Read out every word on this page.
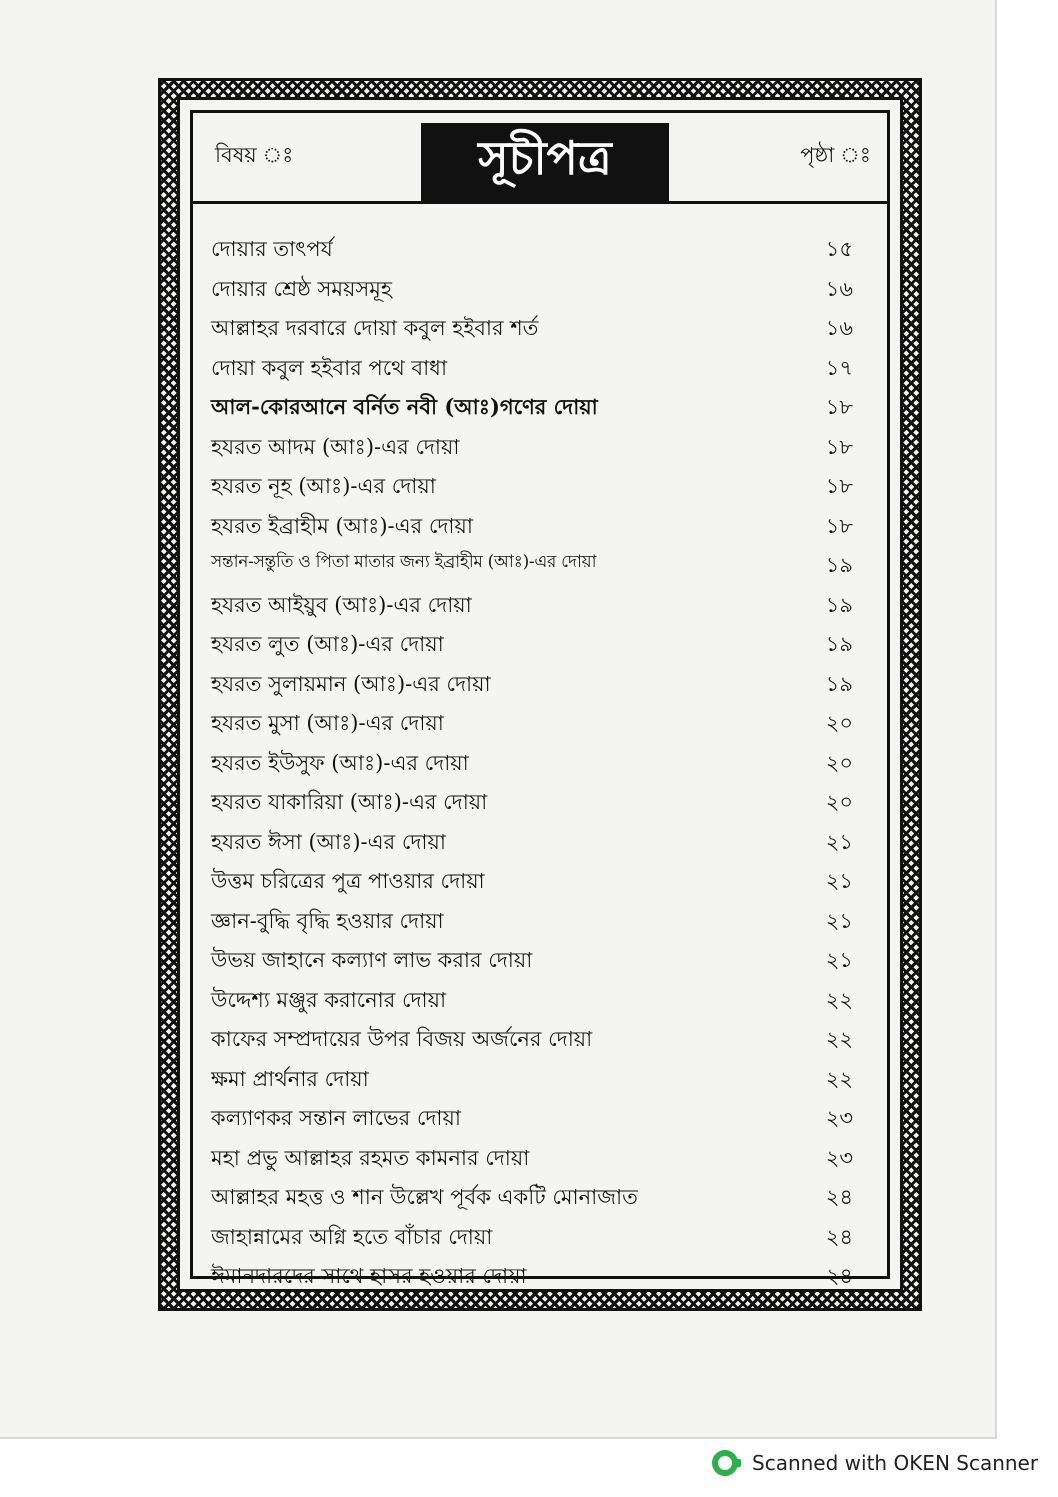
বিষয় ঃ	সূচীপত্র	পৃষ্ঠা ঃ
দোয়ার তাৎপর্য	১৫
দোয়ার শ্রেষ্ঠ সময়সমূহ	১৬
আল্লাহর দরবারে দোয়া কবুল হইবার শর্ত	১৬
দোয়া কবুল হইবার পথে বাধা	১৭
আল-কোরআনে বর্নিত নবী (আঃ)গণের দোয়া	১৮
হযরত আদম (আঃ)-এর দোয়া	১৮
হযরত নূহ (আঃ)-এর দোয়া	১৮
হযরত ইব্রাহীম (আঃ)-এর দোয়া	১৮
সন্তান-সন্তুতি ও পিতা মাতার জন্য ইব্রাহীম (আঃ)-এর দোয়া	১৯
হযরত আইয়ুব (আঃ)-এর দোয়া	১৯
হযরত লুত (আঃ)-এর দোয়া	১৯
হযরত সুলায়মান (আঃ)-এর দোয়া	১৯
হযরত মুসা (আঃ)-এর দোয়া	২০
হযরত ইউসুফ (আঃ)-এর দোয়া	২০
হযরত যাকারিয়া (আঃ)-এর দোয়া	২০
হযরত ঈসা (আঃ)-এর দোয়া	২১
উত্তম চরিত্রের পুত্র পাওয়ার দোয়া	২১
জ্ঞান-বুদ্ধি বৃদ্ধি হওয়ার দোয়া	২১
উভয় জাহানে কল্যাণ লাভ করার দোয়া	২১
উদ্দেশ্য মঞ্জুর করানোর দোয়া	২২
কাফের সম্প্রদায়ের উপর বিজয় অর্জনের দোয়া	২২
ক্ষমা প্রার্থনার দোয়া	২২
কল্যাণকর সন্তান লাভের দোয়া	২৩
মহা প্রভু আল্লাহর রহমত কামনার দোয়া	২৩
আল্লাহর মহত্ত ও শান উল্লেখ পূর্বক একটি মোনাজাত	২৪
জাহান্নামের অগ্নি হতে বাঁচার দোয়া	২৪
ঈমানদারদের সাথে হাসর হওয়ার দোয়া	২৪
Scanned with OKEN Scanner
